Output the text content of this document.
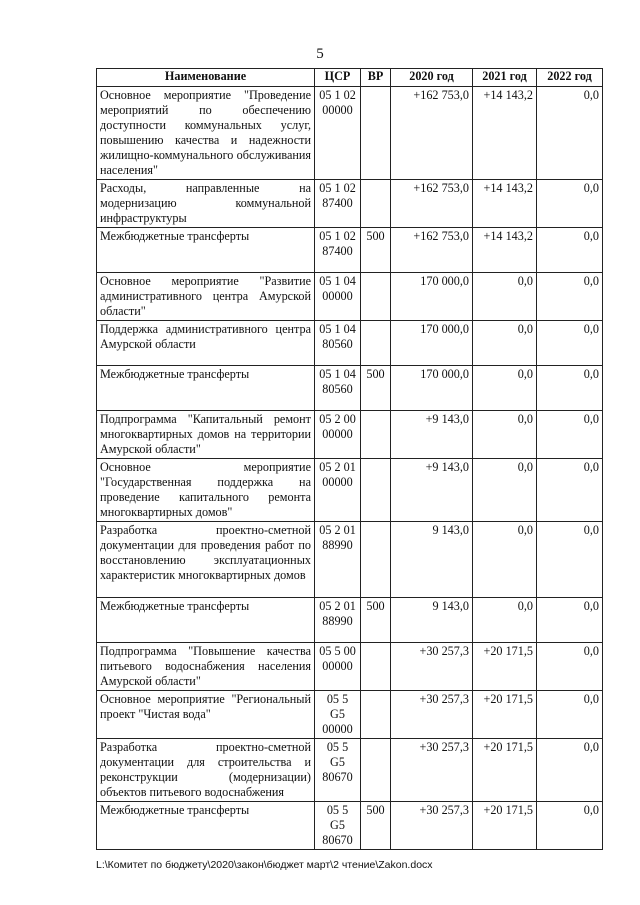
5
Наименование	ЦСР	ВР	2020 год	2021 год	2022 год
Основное мероприятие "Проведение мероприятий по обеспечению доступности коммунальных услуг, повышению качества и надежности жилищно-коммунального обслуживания населения"	05 1 02 00000		+162 753,0	+14 143,2	0,0
Расходы, направленные на модернизацию коммунальной инфраструктуры	05 1 02 87400		+162 753,0	+14 143,2	0,0
Межбюджетные трансферты	05 1 02 87400	500	+162 753,0	+14 143,2	0,0
Основное мероприятие "Развитие административного центра Амурской области"	05 1 04 00000		170 000,0	0,0	0,0
Поддержка административного центра Амурской области	05 1 04 80560		170 000,0	0,0	0,0
Межбюджетные трансферты	05 1 04 80560	500	170 000,0	0,0	0,0
Подпрограмма "Капитальный ремонт многоквартирных домов на территории Амурской области"	05 2 00 00000		+9 143,0	0,0	0,0
Основное мероприятие "Государственная поддержка на проведение капитального ремонта многоквартирных домов"	05 2 01 00000		+9 143,0	0,0	0,0
Разработка проектно-сметной документации для проведения работ по восстановлению эксплуатационных характеристик многоквартирных домов	05 2 01 88990		9 143,0	0,0	0,0
Межбюджетные трансферты	05 2 01 88990	500	9 143,0	0,0	0,0
Подпрограмма "Повышение качества питьевого водоснабжения населения Амурской области"	05 5 00 00000		+30 257,3	+20 171,5	0,0
Основное мероприятие "Региональный проект "Чистая вода"	05 5 G5 00000		+30 257,3	+20 171,5	0,0
Разработка проектно-сметной документации для строительства и реконструкции (модернизации) объектов питьевого водоснабжения	05 5 G5 80670		+30 257,3	+20 171,5	0,0
Межбюджетные трансферты	05 5 G5 80670	500	+30 257,3	+20 171,5	0,0
L:\Комитет по бюджету\2020\закон\бюджет март\2 чтение\Zakon.docx
